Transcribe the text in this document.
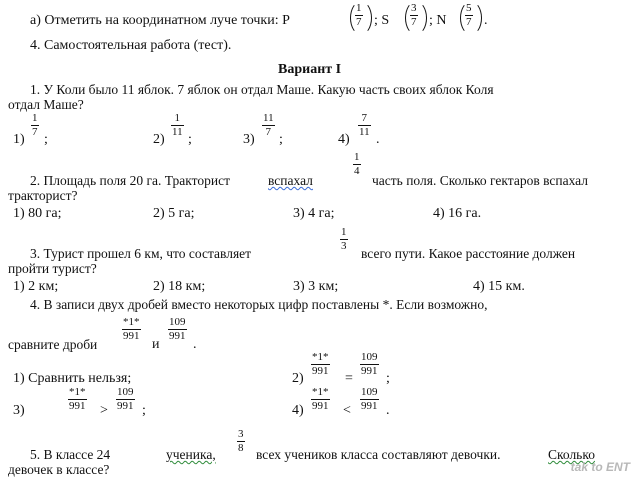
а) Отметить на координатном луче точки: P
1
7 ; S
3
7 ; N
5
7 .
4. Самостоятельная работа (тест).
Вариант I
1. У Коли было 11 яблок. 7 яблок он отдал Маше. Какую часть своих яблок Коля
отдал Маше?
1)
1
7 ;	2)
1
11 ;	3)
11
7 ;	4)
7
11 .
2. Площадь поля 20 га. Тракторист	вспахал
1
4
часть поля. Сколько гектаров вспахал
тракторист?
1) 80 га;	2) 5 га;	3) 4 га;	4) 16 га.
3. Турист прошел 6 км, что составляет
1
3 всего пути. Какое расстояние должен
пройти турист?
1) 2 км;	2) 18 км;	3) 3 км;	4) 15 км.
4. В записи двух дробей вместо некоторых цифр поставлены *. Если возможно,
сравните дроби
*1*
991
и
109
991
.
1) Сравнить нельзя;	2)
*1*
991 =
109
991 ;
3)
*1*
991 >
109
991 ;	4)
*1*
991 <
109
991 .
5. В классе 24	ученика,
3
8 всех учеников класса составляют девочки.	Сколько
девочек в классе?	tak to ENT
